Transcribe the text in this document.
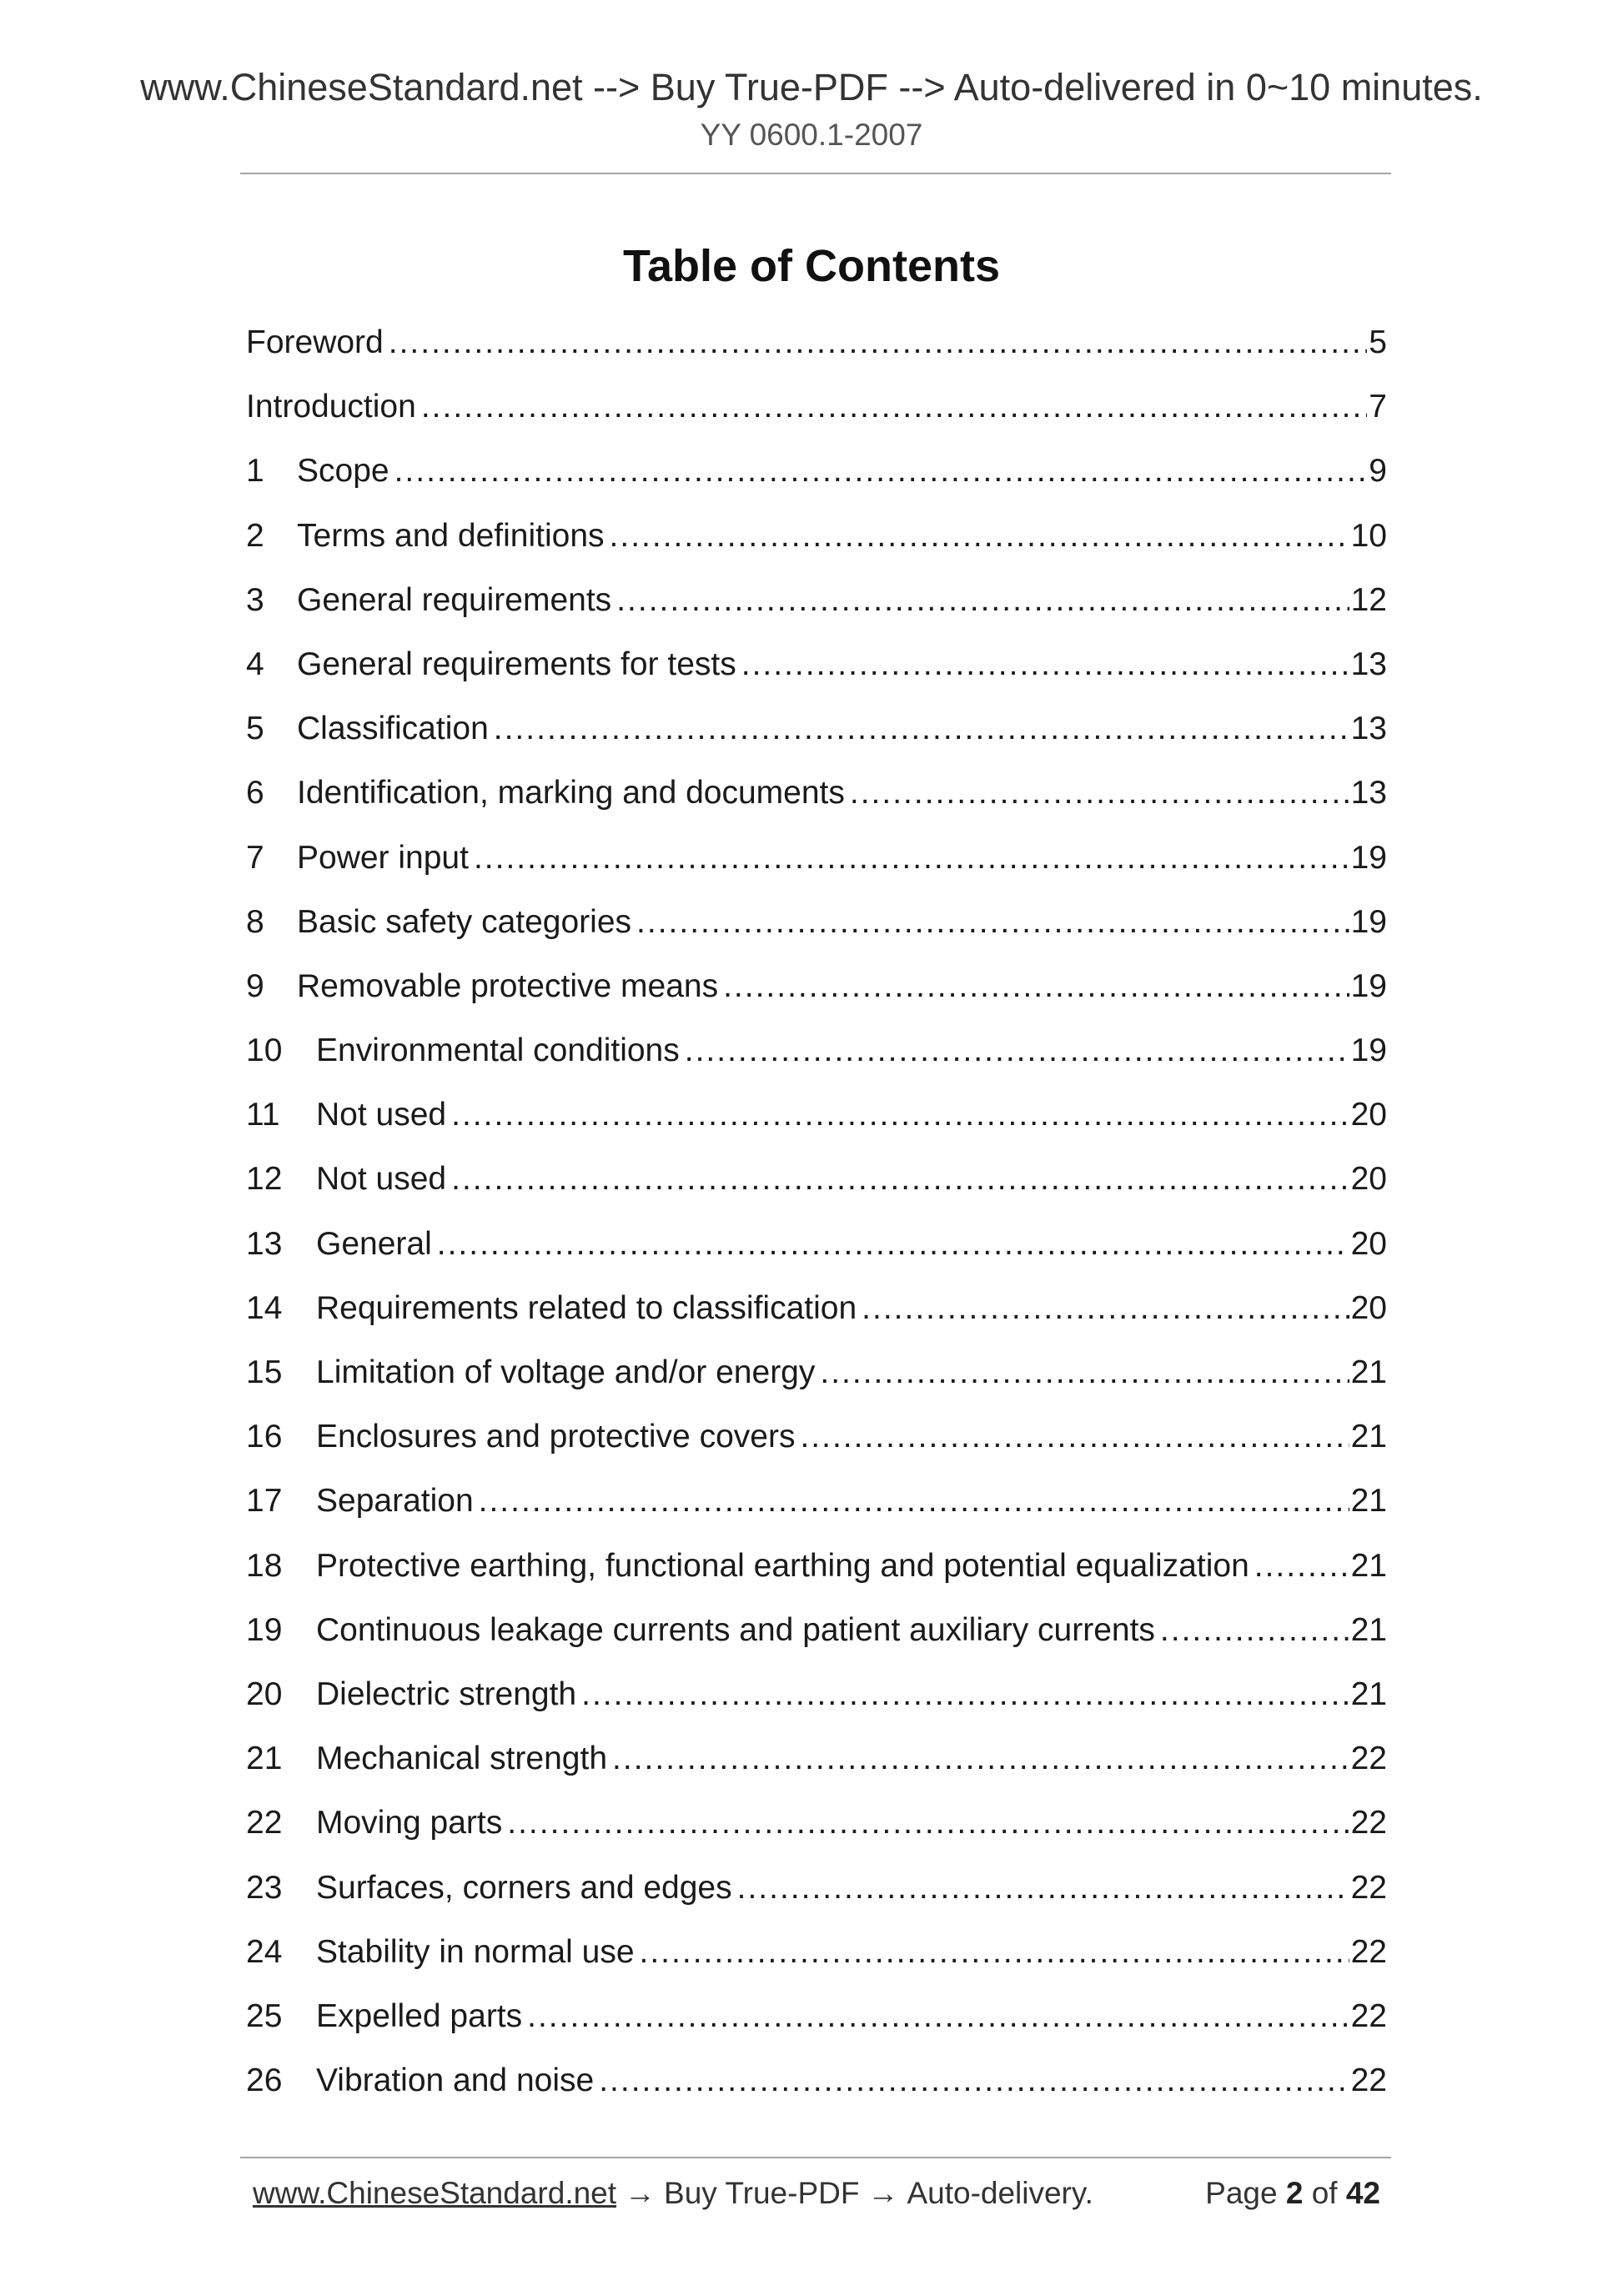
www.ChineseStandard.net --> Buy True-PDF --> Auto-delivered in 0~10 minutes.
YY 0600.1-2007
Table of Contents
Foreword .....	5
Introduction .....	7
1	Scope .....	9
2	Terms and definitions .....	10
3	General requirements .....	12
4	General requirements for tests .....	13
5	Classification .....	13
6	Identification, marking and documents .....	13
7	Power input .....	19
8	Basic safety categories .....	19
9	Removable protective means .....	19
10	Environmental conditions .....	19
11	Not used .....	20
12	Not used .....	20
13	General .....	20
14	Requirements related to classification .....	20
15	Limitation of voltage and/or energy .....	21
16	Enclosures and protective covers .....	21
17	Separation .....	21
18	Protective earthing, functional earthing and potential equalization .....	21
19	Continuous leakage currents and patient auxiliary currents .....	21
20	Dielectric strength .....	21
21	Mechanical strength .....	22
22	Moving parts .....	22
23	Surfaces, corners and edges .....	22
24	Stability in normal use .....	22
25	Expelled parts .....	22
26	Vibration and noise .....	22
www.ChineseStandard.net → Buy True-PDF → Auto-delivery.	Page 2 of 42
